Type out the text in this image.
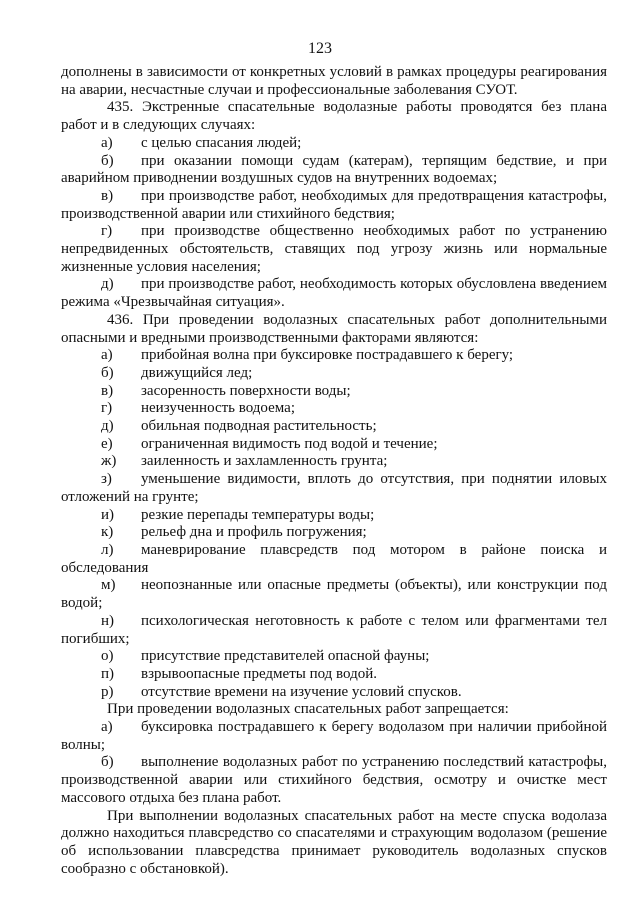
123

дополнены в зависимости от конкретных условий в рамках процедуры реагирования на аварии, несчастные случаи и профессиональные заболевания СУОТ.

435. Экстренные спасательные водолазные работы проводятся без плана работ и в следующих случаях:

а) с целью спасания людей;

б) при оказании помощи судам (катерам), терпящим бедствие, и при аварийном приводнении воздушных судов на внутренних водоемах;

в) при производстве работ, необходимых для предотвращения катастрофы, производственной аварии или стихийного бедствия;

г) при производстве общественно необходимых работ по устранению непредвиденных обстоятельств, ставящих под угрозу жизнь или нормальные жизненные условия населения;

д) при производстве работ, необходимость которых обусловлена введением режима «Чрезвычайная ситуация».

436. При проведении водолазных спасательных работ дополнительными опасными и вредными производственными факторами являются:

а) прибойная волна при буксировке пострадавшего к берегу;

б) движущийся лед;

в) засоренность поверхности воды;

г) неизученность водоема;

д) обильная подводная растительность;

е) ограниченная видимость под водой и течение;

ж) заиленность и захламленность грунта;

з) уменьшение видимости, вплоть до отсутствия, при поднятии иловых отложений на грунте;

и) резкие перепады температуры воды;

к) рельеф дна и профиль погружения;

л) маневрирование плавсредств под мотором в районе поиска и обследования

м) неопознанные или опасные предметы (объекты), или конструкции под водой;

н) психологическая неготовность к работе с телом или фрагментами тел погибших;

о) присутствие представителей опасной фауны;

п) взрывоопасные предметы под водой.

р) отсутствие времени на изучение условий спусков.

При проведении водолазных спасательных работ запрещается:

а) буксировка пострадавшего к берегу водолазом при наличии прибойной волны;

б) выполнение водолазных работ по устранению последствий катастрофы, производственной аварии или стихийного бедствия, осмотру и очистке мест массового отдыха без плана работ.

При выполнении водолазных спасательных работ на месте спуска водолаза должно находиться плавсредство со спасателями и страхующим водолазом (решение об использовании плавсредства принимает руководитель водолазных спусков сообразно с обстановкой).
